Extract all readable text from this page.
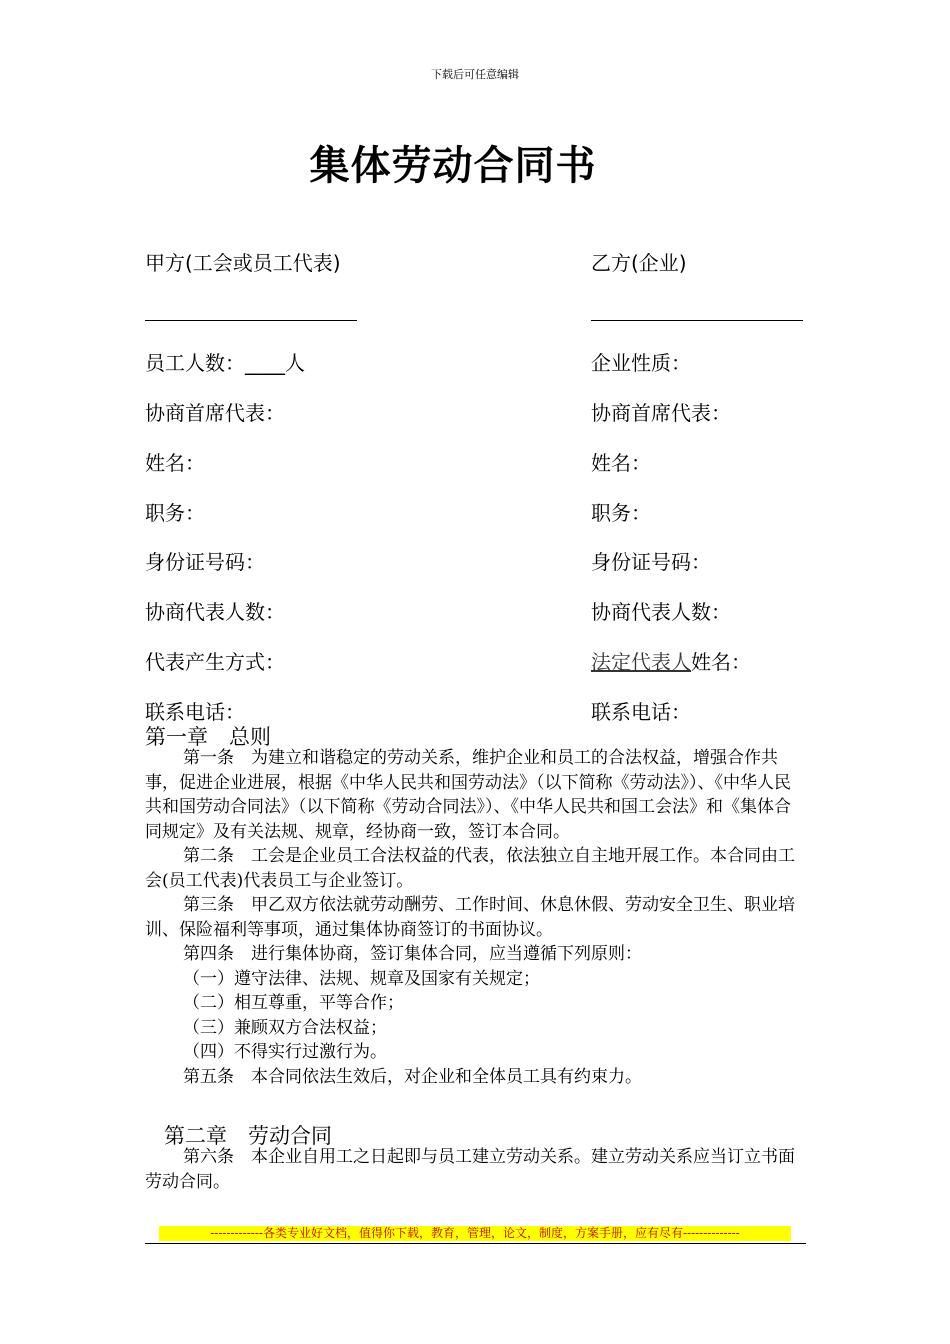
下载后可任意编辑
集体劳动合同书
甲方(工会或员工代表)
员工人数：____人
协商首席代表：
姓名：
职务：
身份证号码：
协商代表人数：
代表产生方式：
联系电话：
乙方(企业)
企业性质：
协商首席代表：
姓名：
职务：
身份证号码：
协商代表人数：
法定代表人姓名：
联系电话：
第一章　总则

第一条　为建立和谐稳定的劳动关系，维护企业和员工的合法权益，增强合作共事，促进企业进展，根据《中华人民共和国劳动法》（以下简称《劳动法》）、《中华人民共和国劳动合同法》（以下简称《劳动合同法》）、《中华人民共和国工会法》和《集体合同规定》及有关法规、规章，经协商一致，签订本合同。

第二条　工会是企业员工合法权益的代表，依法独立自主地开展工作。本合同由工会(员工代表)代表员工与企业签订。

第三条　甲乙双方依法就劳动酬劳、工作时间、休息休假、劳动安全卫生、职业培训、保险福利等事项，通过集体协商签订的书面协议。

第四条　进行集体协商，签订集体合同，应当遵循下列原则：

（一）遵守法律、法规、规章及国家有关规定；

（二）相互尊重，平等合作；

（三）兼顾双方合法权益；

（四）不得实行过激行为。

第五条　本合同依法生效后，对企业和全体员工具有约束力。

第二章　劳动合同

第六条　本企业自用工之日起即与员工建立劳动关系。建立劳动关系应当订立书面劳动合同。

-------------各类专业好文档，值得你下载，教育，管理，论文，制度，方案手册，应有尽有--------------
